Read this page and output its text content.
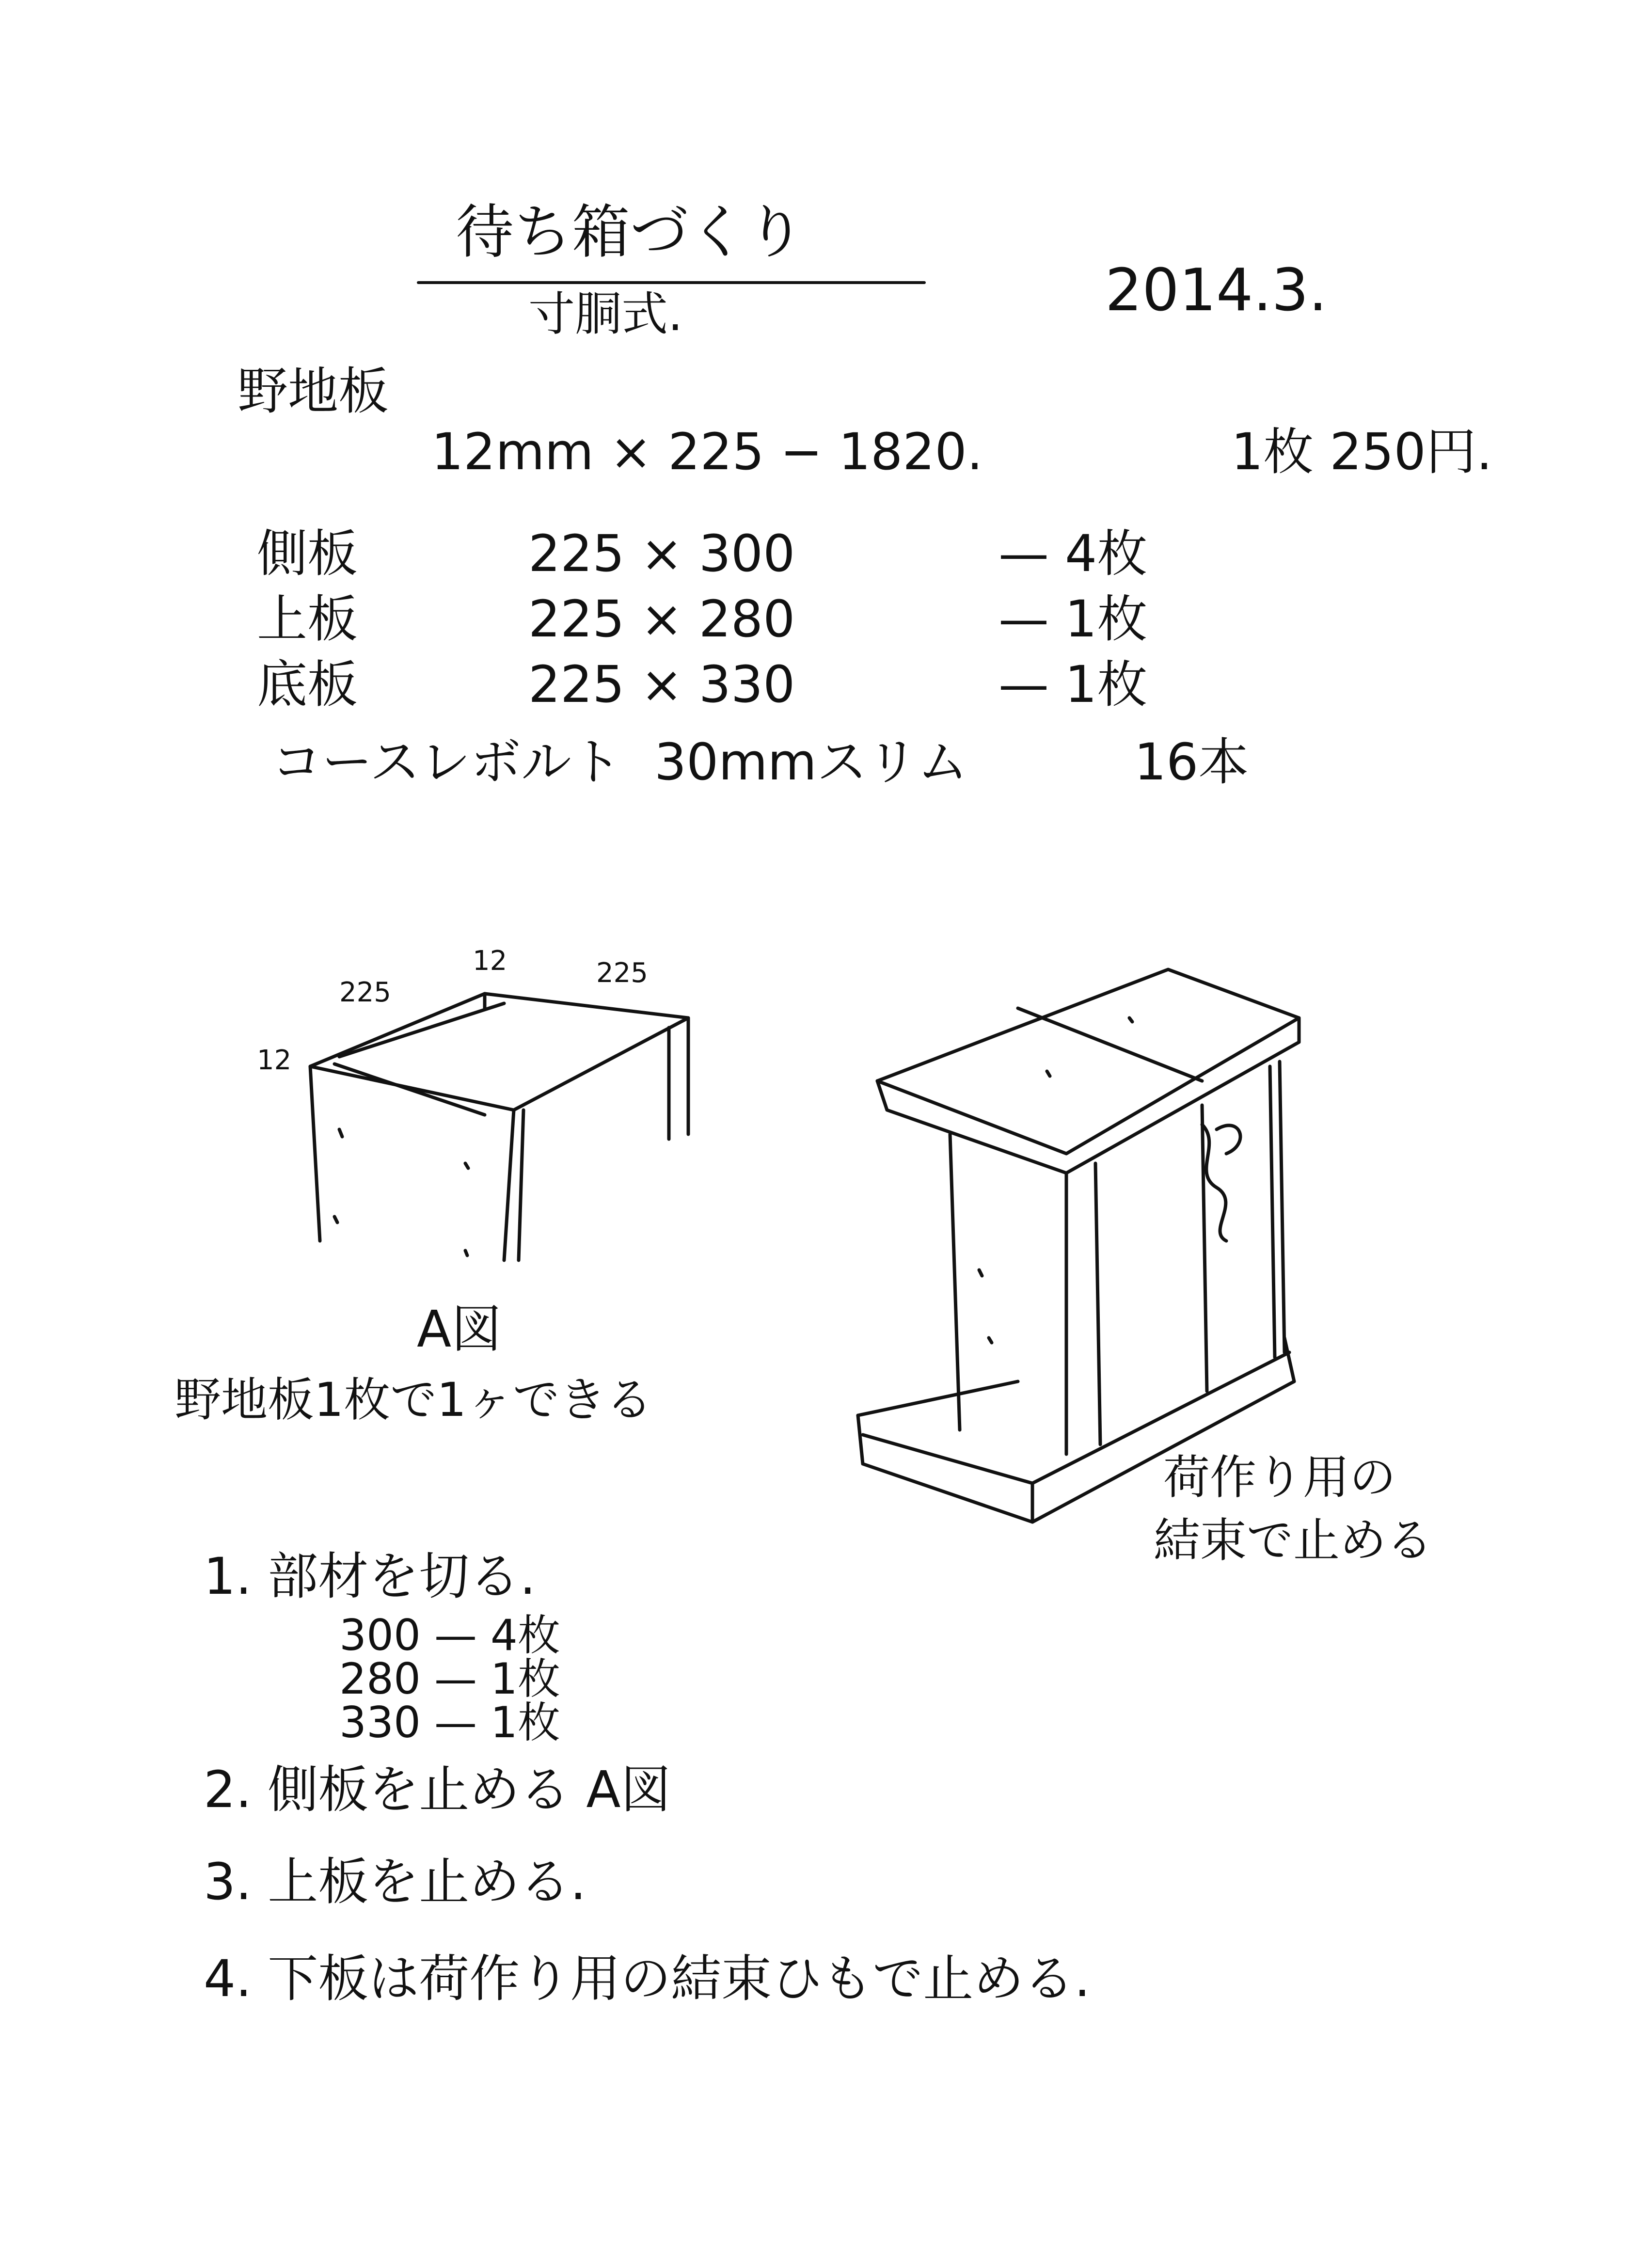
待ち箱づくり
寸胴式.	2014.3.
野地板
12mm × 225 − 1820.	1枚 250円.
側板	225 × 300	— 4枚
上板	225 × 280	— 1枚
底板	225 × 330	— 1枚
コースレボルト 30mmスリム	16本
225
12	225
12
A図
野地板1枚で1ヶできる
荷作り用の
結束で止める
1. 部材を切る.
300 — 4枚
280 — 1枚
330 — 1枚
2. 側板を止める A図
3. 上板を止める.
4. 下板は荷作り用の結束ひもで止める.
